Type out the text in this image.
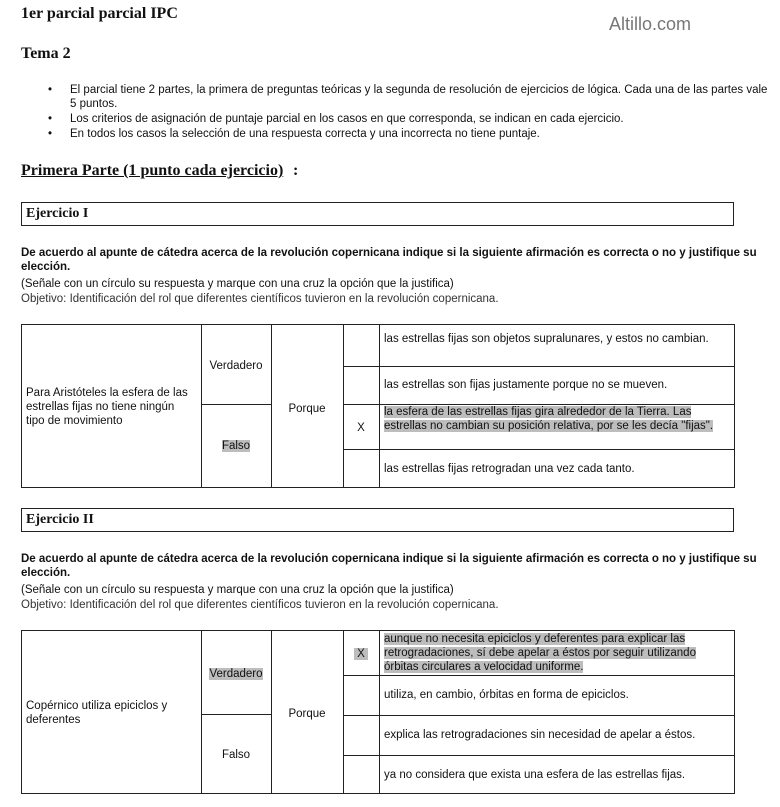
1er parcial parcial IPC
Altillo.com
Tema 2
• El parcial tiene 2 partes, la primera de preguntas teóricas y la segunda de resolución de ejercicios de lógica. Cada una de las partes vale 5 puntos.
• Los criterios de asignación de puntaje parcial en los casos en que corresponda, se indican en cada ejercicio.
• En todos los casos la selección de una respuesta correcta y una incorrecta no tiene puntaje.
Primera Parte (1 punto cada ejercicio) :
Ejercicio I
De acuerdo al apunte de cátedra acerca de la revolución copernicana indique si la siguiente afirmación es correcta o no y justifique su elección.
(Señale con un círculo su respuesta y marque con una cruz la opción que la justifica)
Objetivo: Identificación del rol que diferentes científicos tuvieron en la revolución copernicana.
Para Aristóteles la esfera de las estrellas fijas no tiene ningún tipo de movimiento
Verdadero
Falso
Porque
X
las estrellas fijas son objetos supralunares, y estos no cambian.
las estrellas son fijas justamente porque no se mueven.
la esfera de las estrellas fijas gira alrededor de la Tierra. Las estrellas no cambian su posición relativa, por se les decía "fijas".
las estrellas fijas retrogradan una vez cada tanto.
Ejercicio II
De acuerdo al apunte de cátedra acerca de la revolución copernicana indique si la siguiente afirmación es correcta o no y justifique su elección.
(Señale con un círculo su respuesta y marque con una cruz la opción que la justifica)
Objetivo: Identificación del rol que diferentes científicos tuvieron en la revolución copernicana.
Copérnico utiliza epiciclos y deferentes
Verdadero
Falso
Porque
X
aunque no necesita epiciclos y deferentes para explicar las retrogradaciones, sí debe apelar a éstos por seguir utilizando órbitas circulares a velocidad uniforme.
utiliza, en cambio, órbitas en forma de epiciclos.
explica las retrogradaciones sin necesidad de apelar a éstos.
ya no considera que exista una esfera de las estrellas fijas.
